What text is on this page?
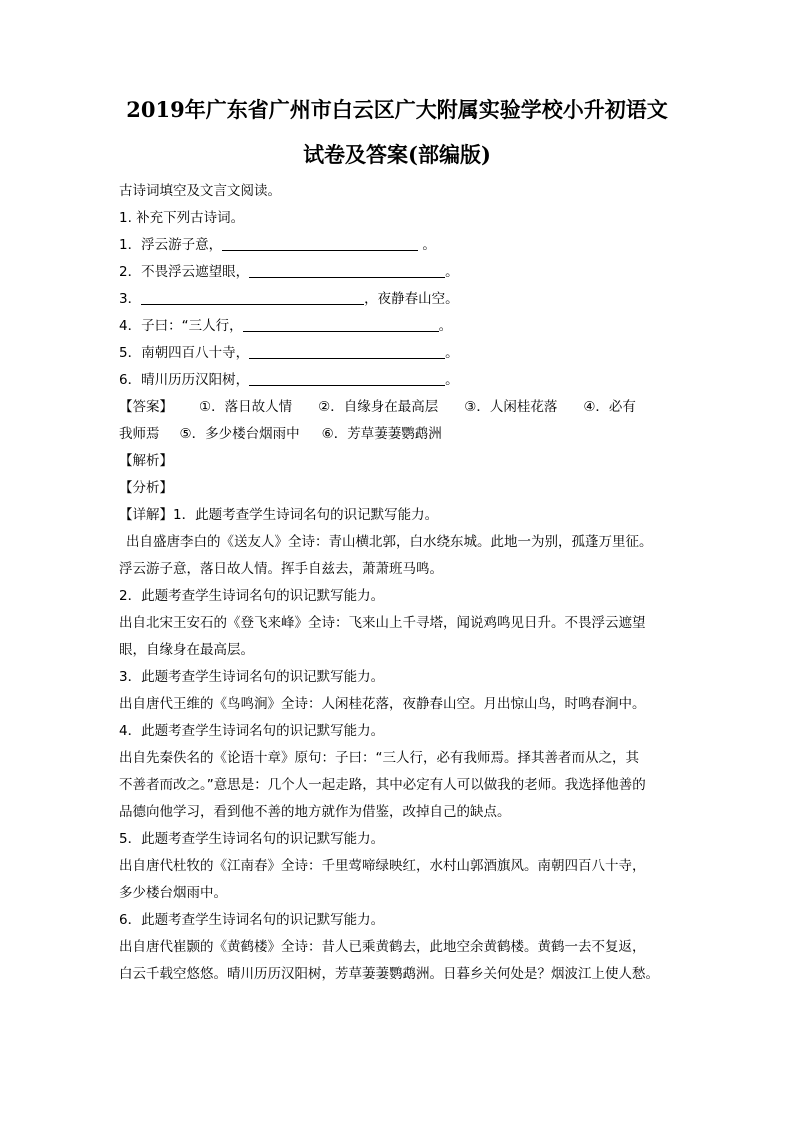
2019年广东省广州市白云区广大附属实验学校小升初语文
试卷及答案(部编版)
古诗词填空及文言文阅读。
1. 补充下列古诗词。
1．浮云游子意，	。
2．不畏浮云遮望眼，	。
3．	，夜静春山空。
4．子曰：“三人行，	。
5．南朝四百八十寺，	。
6．晴川历历汉阳树，	。
【答案】 ①．落日故人情 ②．自缘身在最高层 ③．人闲桂花落 ④．必有
我师焉 ⑤．多少楼台烟雨中 ⑥．芳草萋萋鹦鹉洲
【解析】
【分析】
【详解】1．此题考查学生诗词名句的识记默写能力。
出自盛唐李白的《送友人》全诗：青山横北郭，白水绕东城。此地一为别，孤蓬万里征。
浮云游子意，落日故人情。挥手自兹去，萧萧班马鸣。
2．此题考查学生诗词名句的识记默写能力。
出自北宋王安石的《登飞来峰》全诗：飞来山上千寻塔，闻说鸡鸣见日升。不畏浮云遮望
眼，自缘身在最高层。
3．此题考查学生诗词名句的识记默写能力。
出自唐代王维的《鸟鸣涧》全诗：人闲桂花落，夜静春山空。月出惊山鸟，时鸣春涧中。
4．此题考查学生诗词名句的识记默写能力。
出自先秦佚名的《论语十章》原句：子曰：“三人行，必有我师焉。择其善者而从之，其
不善者而改之。”意思是：几个人一起走路，其中必定有人可以做我的老师。我选择他善的
品德向他学习，看到他不善的地方就作为借鉴，改掉自己的缺点。
5．此题考查学生诗词名句的识记默写能力。
出自唐代杜牧的《江南春》全诗：千里莺啼绿映红，水村山郭酒旗风。南朝四百八十寺，
多少楼台烟雨中。
6．此题考查学生诗词名句的识记默写能力。
出自唐代崔颢的《黄鹤楼》全诗：昔人已乘黄鹤去，此地空余黄鹤楼。黄鹤一去不复返，
白云千载空悠悠。晴川历历汉阳树，芳草萋萋鹦鹉洲。日暮乡关何处是？烟波江上使人愁。
